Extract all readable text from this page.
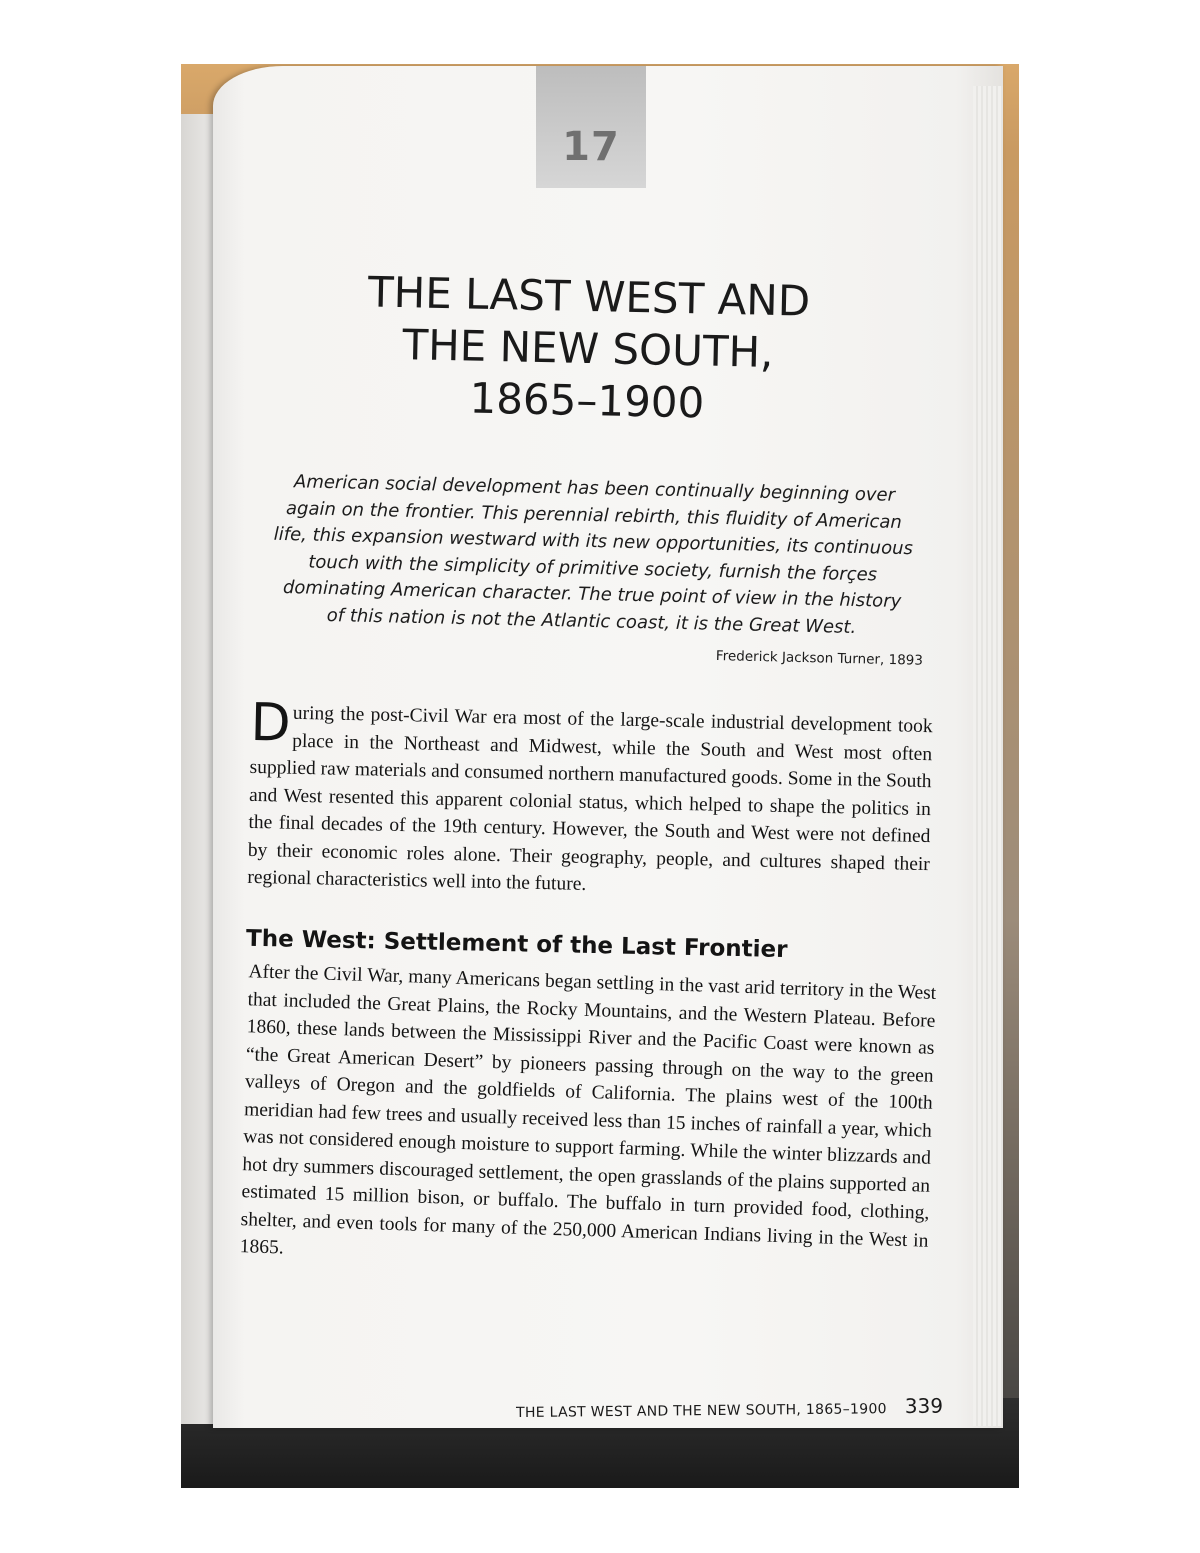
17
THE LAST WEST AND
THE NEW SOUTH,
1865–1900
American social development has been continually beginning over again on the frontier. This perennial rebirth, this fluidity of American life, this expansion westward with its new opportunities, its continuous touch with the simplicity of primitive society, furnish the forçes dominating American character. The true point of view in the history of this nation is not the Atlantic coast, it is the Great West.
Frederick Jackson Turner, 1893
During the post-Civil War era most of the large-scale industrial development took place in the Northeast and Midwest, while the South and West most often supplied raw materials and consumed northern manufactured goods. Some in the South and West resented this apparent colonial status, which helped to shape the politics in the final decades of the 19th century. However, the South and West were not defined by their economic roles alone. Their geography, people, and cultures shaped their regional characteristics well into the future.
The West: Settlement of the Last Frontier
After the Civil War, many Americans began settling in the vast arid territory in the West that included the Great Plains, the Rocky Mountains, and the Western Plateau. Before 1860, these lands between the Mississippi River and the Pacific Coast were known as “the Great American Desert” by pioneers passing through on the way to the green valleys of Oregon and the goldfields of California. The plains west of the 100th meridian had few trees and usually received less than 15 inches of rainfall a year, which was not considered enough moisture to support farming. While the winter blizzards and hot dry summers discouraged settlement, the open grasslands of the plains supported an estimated 15 million bison, or buffalo. The buffalo in turn provided food, clothing, shelter, and even tools for many of the 250,000 American Indians living in the West in 1865.
THE LAST WEST AND THE NEW SOUTH, 1865–1900 339
